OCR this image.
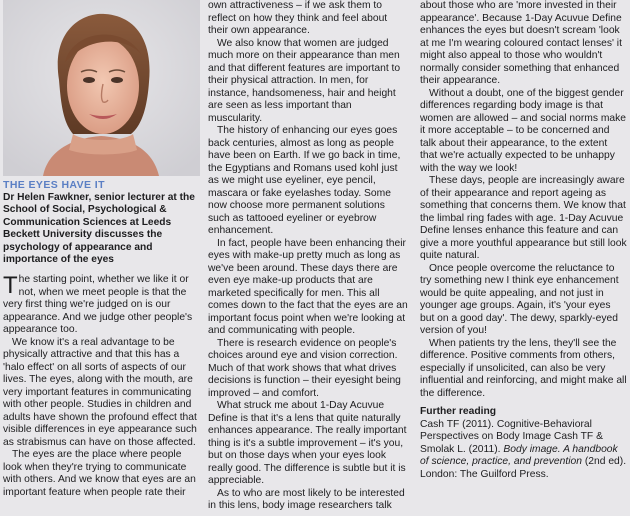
THE EYES HAVE IT
Dr Helen Fawkner, senior lecturer at the School of Social, Psychological & Communication Sciences at Leeds Beckett University discusses the psychology of appearance and importance of the eyes

The starting point, whether we like it or not, when we meet people is that the very first thing we're judged on is our appearance. And we judge other people's appearance too.

We know it's a real advantage to be physically attractive and that this has a 'halo effect' on all sorts of aspects of our lives. The eyes, along with the mouth, are very important features in communicating with other people. Studies in children and adults have shown the profound effect that visible differences in eye appearance such as strabismus can have on those affected.

The eyes are the place where people look when they're trying to communicate with others. And we know that eyes are an important feature when people rate their

own attractiveness – if we ask them to reflect on how they think and feel about their own appearance.

We also know that women are judged much more on their appearance than men and that different features are important to their physical attraction. In men, for instance, handsomeness, hair and height are seen as less important than muscularity.

The history of enhancing our eyes goes back centuries, almost as long as people have been on Earth. If we go back in time, the Egyptians and Romans used kohl just as we might use eyeliner, eye pencil, mascara or fake eyelashes today. Some now choose more permanent solutions such as tattooed eyeliner or eyebrow enhancement.

In fact, people have been enhancing their eyes with make-up pretty much as long as we've been around. These days there are even eye make-up products that are marketed specifically for men. This all comes down to the fact that the eyes are an important focus point when we're looking at and communicating with people.

There is research evidence on people's choices around eye and vision correction. Much of that work shows that what drives decisions is function – their eyesight being improved – and comfort.

What struck me about 1-Day Acuvue Define is that it's a lens that quite naturally enhances appearance. The really important thing is it's a subtle improvement – it's you, but on those days when your eyes look really good. The difference is subtle but it is appreciable.

As to who are most likely to be interested in this lens, body image researchers talk

about those who are 'more invested in their appearance'. Because 1-Day Acuvue Define enhances the eyes but doesn't scream 'look at me I'm wearing coloured contact lenses' it might also appeal to those who wouldn't normally consider something that enhanced their appearance.

Without a doubt, one of the biggest gender differences regarding body image is that women are allowed – and social norms make it more acceptable – to be concerned and talk about their appearance, to the extent that we're actually expected to be unhappy with the way we look!

These days, people are increasingly aware of their appearance and report ageing as something that concerns them. We know that the limbal ring fades with age. 1-Day Acuvue Define lenses enhance this feature and can give a more youthful appearance but still look quite natural.

Once people overcome the reluctance to try something new I think eye enhancement would be quite appealing, and not just in younger age groups. Again, it's 'your eyes but on a good day'. The dewy, sparkly-eyed version of you!

When patients try the lens, they'll see the difference. Positive comments from others, especially if unsolicited, can also be very influential and reinforcing, and might make all the difference.

Further reading

Cash TF (2011). Cognitive-Behavioral Perspectives on Body Image Cash TF & Smolak L. (2011). Body image. A handbook of science, practice, and prevention (2nd ed). London: The Guilford Press.
